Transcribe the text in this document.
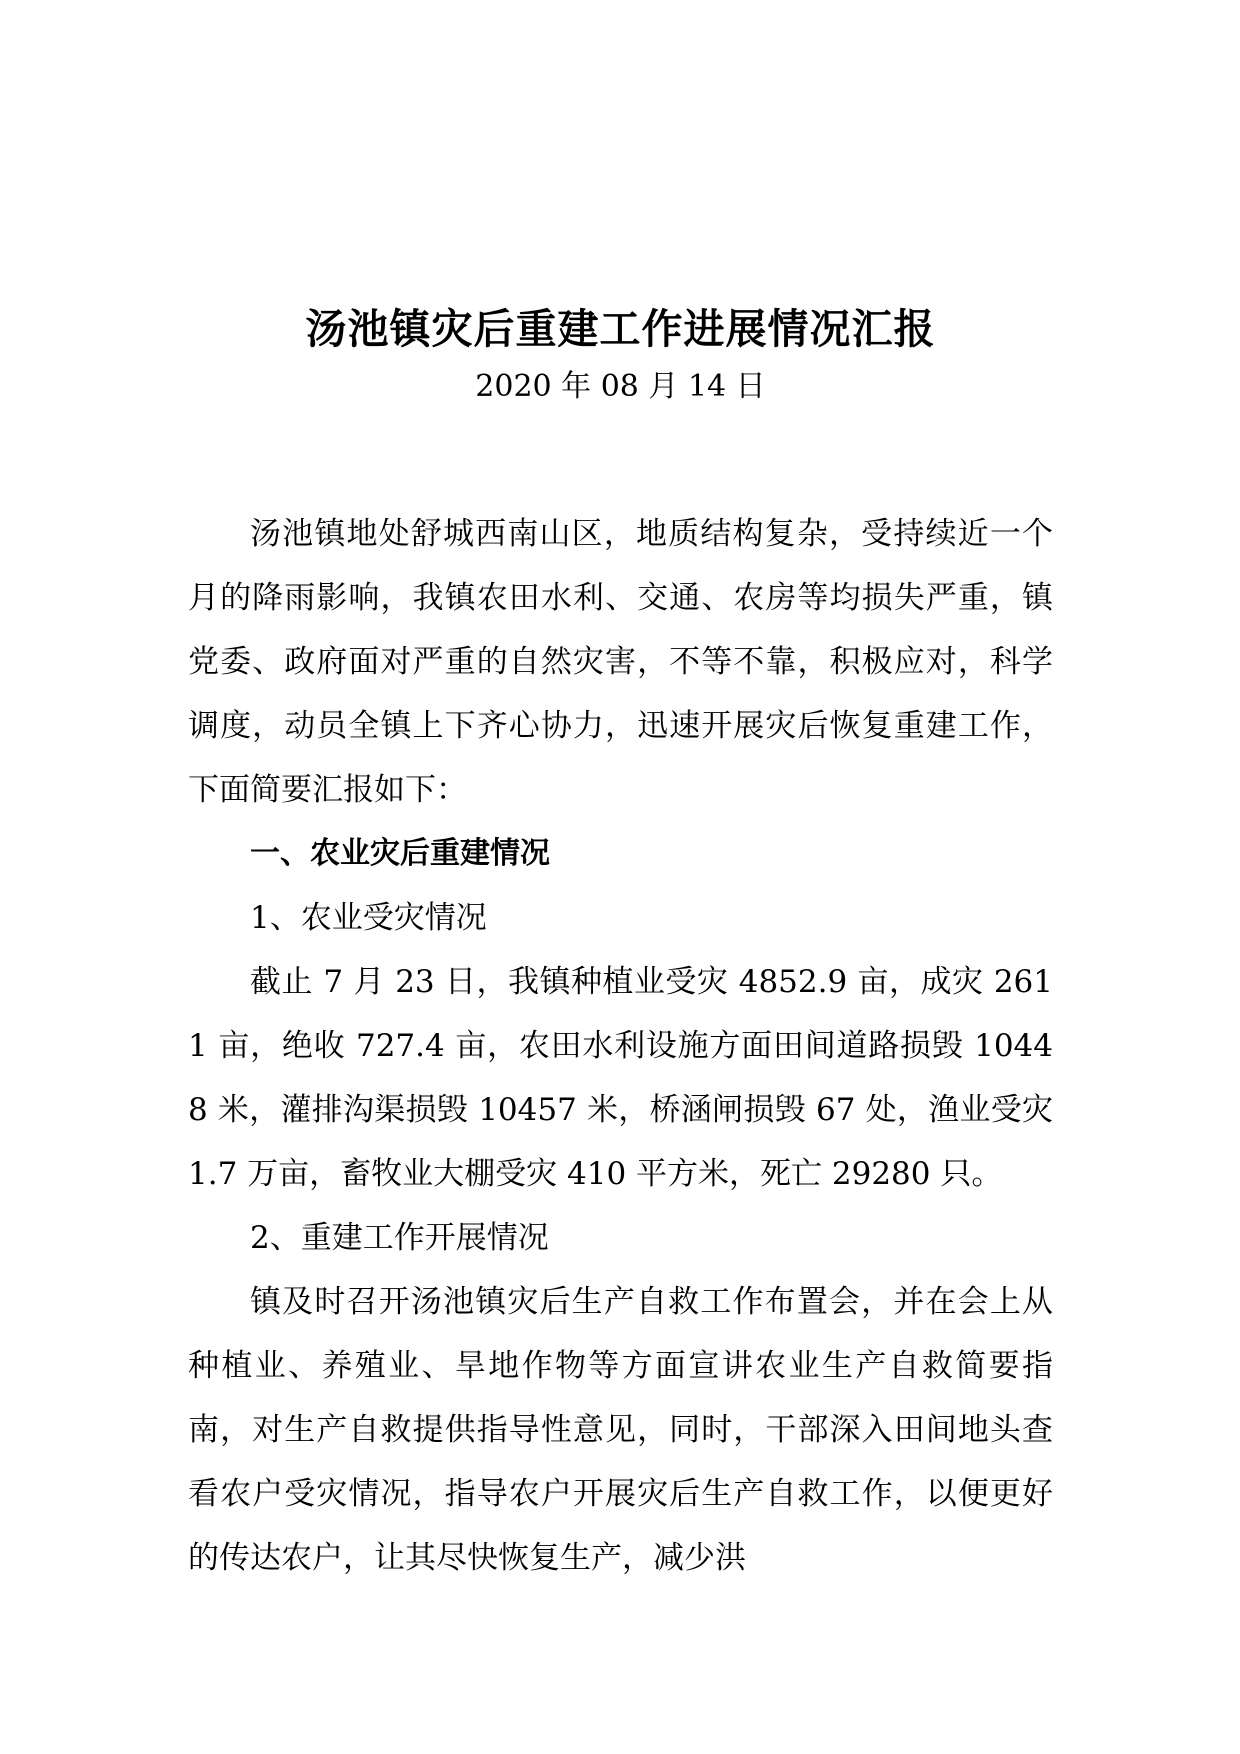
汤池镇灾后重建工作进展情况汇报

2020 年 08 月 14 日

汤池镇地处舒城西南山区，地质结构复杂，受持续近一个月的降雨影响，我镇农田水利、交通、农房等均损失严重，镇党委、政府面对严重的自然灾害，不等不靠，积极应对，科学调度，动员全镇上下齐心协力，迅速开展灾后恢复重建工作，下面简要汇报如下：

一、农业灾后重建情况

1、农业受灾情况

截止 7 月 23 日，我镇种植业受灾 4852.9 亩，成灾 2611 亩，绝收 727.4 亩，农田水利设施方面田间道路损毁 10448 米，灌排沟渠损毁 10457 米，桥涵闸损毁 67 处，渔业受灾 1.7 万亩，畜牧业大棚受灾 410 平方米，死亡 29280 只。

2、重建工作开展情况

镇及时召开汤池镇灾后生产自救工作布置会，并在会上从种植业、养殖业、旱地作物等方面宣讲农业生产自救简要指南，对生产自救提供指导性意见，同时，干部深入田间地头查看农户受灾情况，指导农户开展灾后生产自救工作，以便更好的传达农户，让其尽快恢复生产，减少洪
